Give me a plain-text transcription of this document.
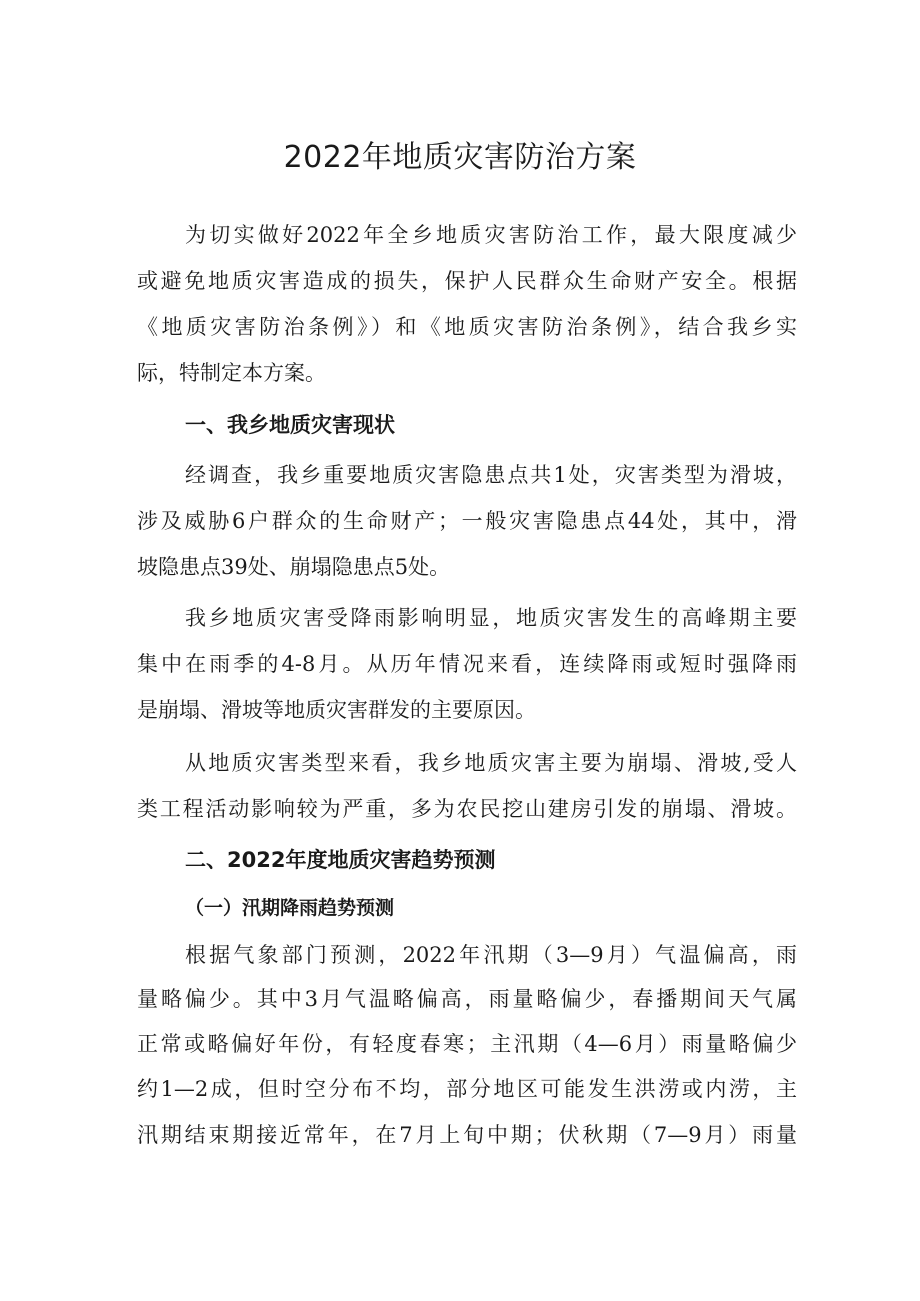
2022年地质灾害防治方案

为切实做好2022年全乡地质灾害防治工作，最大限度减少

或避免地质灾害造成的损失，保护人民群众生命财产安全。根据

《地质灾害防治条例》）和《地质灾害防治条例》，结合我乡实

际，特制定本方案。

一、我乡地质灾害现状

经调查，我乡重要地质灾害隐患点共1处，灾害类型为滑坡，

涉及威胁6户群众的生命财产；一般灾害隐患点44处，其中，滑

坡隐患点39处、崩塌隐患点5处。

我乡地质灾害受降雨影响明显，地质灾害发生的高峰期主要

集中在雨季的4-8月。从历年情况来看，连续降雨或短时强降雨

是崩塌、滑坡等地质灾害群发的主要原因。

从地质灾害类型来看，我乡地质灾害主要为崩塌、滑坡,受人

类工程活动影响较为严重，多为农民挖山建房引发的崩塌、滑坡。

二、2022年度地质灾害趋势预测
（一）汛期降雨趋势预测

根据气象部门预测，2022年汛期（3—9月）气温偏高，雨

量略偏少。其中3月气温略偏高，雨量略偏少，春播期间天气属

正常或略偏好年份，有轻度春寒；主汛期（4—6月）雨量略偏少

约1—2成，但时空分布不均，部分地区可能发生洪涝或内涝，主

汛期结束期接近常年，在7月上旬中期；伏秋期（7—9月）雨量
